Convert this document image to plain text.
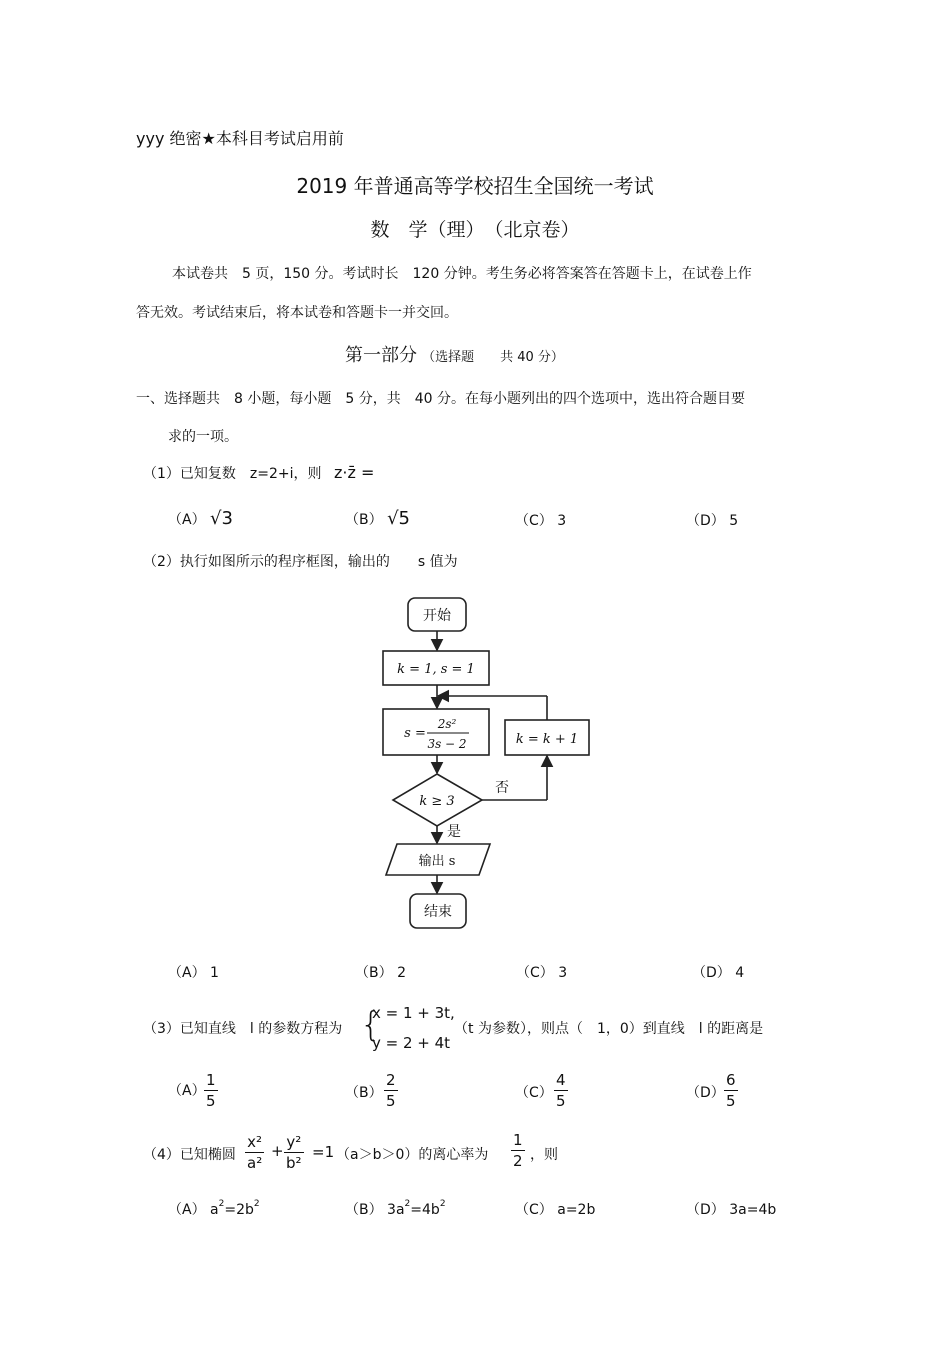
yyy 绝密★本科目考试启用前
2019 年普通高等学校招生全国统一考试
数　学（理）　（北京卷）
本试卷共　5 页，150 分。考试时长　120 分钟。考生务必将答案答在答题卡上，在试卷上作
答无效。考试结束后，将本试卷和答题卡一并交回。
第一部分 （选择题　　共 40 分）
一、选择题共　8 小题，每小题　5 分，共　40 分。在每小题列出的四个选项中，选出符合题目要
求的一项。
（1）已知复数　z=2+i，则 z·z̄ =
（A） √3	（B） √5	（C） 3	（D） 5
（2）执行如图所示的程序框图，输出的　　s 值为
开始
k = 1, s = 1
s =
2s²
3s − 2	k = k + 1
k ≥ 3
否
是
输出 s
结束
（A） 1	（B） 2	（C） 3	（D） 4
（3）已知直线　l 的参数方程为 {
x = 1 + 3t,
y = 2 + 4t
（t 为参数），则点（　1，0）到直线　l 的距离是
（A）
1
5	（B）
2
5	（C）
4
5	（D）
6
5
（4）已知椭圆
x²
a²
+ y²
b²
=1 （a＞b＞0）的离心率为
1
2 ，则
（A） $a^2=2b^2$	（B） $3a^2=4b^2$	（C） a=2b	（D） 3a=4b
